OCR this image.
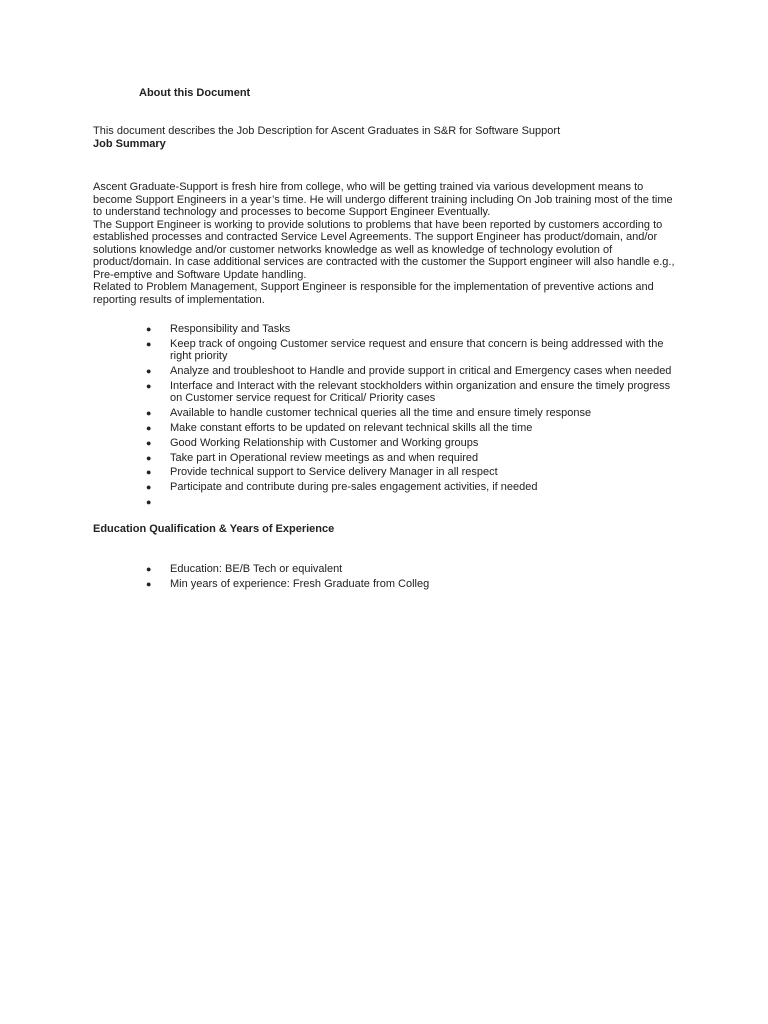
About this Document
This document describes the Job Description for Ascent Graduates in S&R for Software Support
Job Summary

Ascent Graduate-Support is fresh hire from college, who will be getting trained via various development means to become Support Engineers in a year’s time. He will undergo different training including On Job training most of the time to understand technology and processes to become Support Engineer Eventually.

The Support Engineer is working to provide solutions to problems that have been reported by customers according to established processes and contracted Service Level Agreements. The support Engineer has product/domain, and/or solutions knowledge and/or customer networks knowledge as well as knowledge of technology evolution of product/domain. In case additional services are contracted with the customer the Support engineer will also handle e.g., Pre-emptive and Software Update handling.

Related to Problem Management, Support Engineer is responsible for the implementation of preventive actions and reporting results of implementation.

● Responsibility and Tasks
● Keep track of ongoing Customer service request and ensure that concern is being addressed with the right priority
● Analyze and troubleshoot to Handle and provide support in critical and Emergency cases when needed
● Interface and Interact with the relevant stockholders within organization and ensure the timely progress on Customer service request for Critical/ Priority cases
● Available to handle customer technical queries all the time and ensure timely response
● Make constant efforts to be updated on relevant technical skills all the time
● Good Working Relationship with Customer and Working groups
● Take part in Operational review meetings as and when required
● Provide technical support to Service delivery Manager in all respect
● Participate and contribute during pre-sales engagement activities, if needed
●
Education Qualification & Years of Experience
● Education: BE/B Tech or equivalent
● Min years of experience: Fresh Graduate from Colleg
